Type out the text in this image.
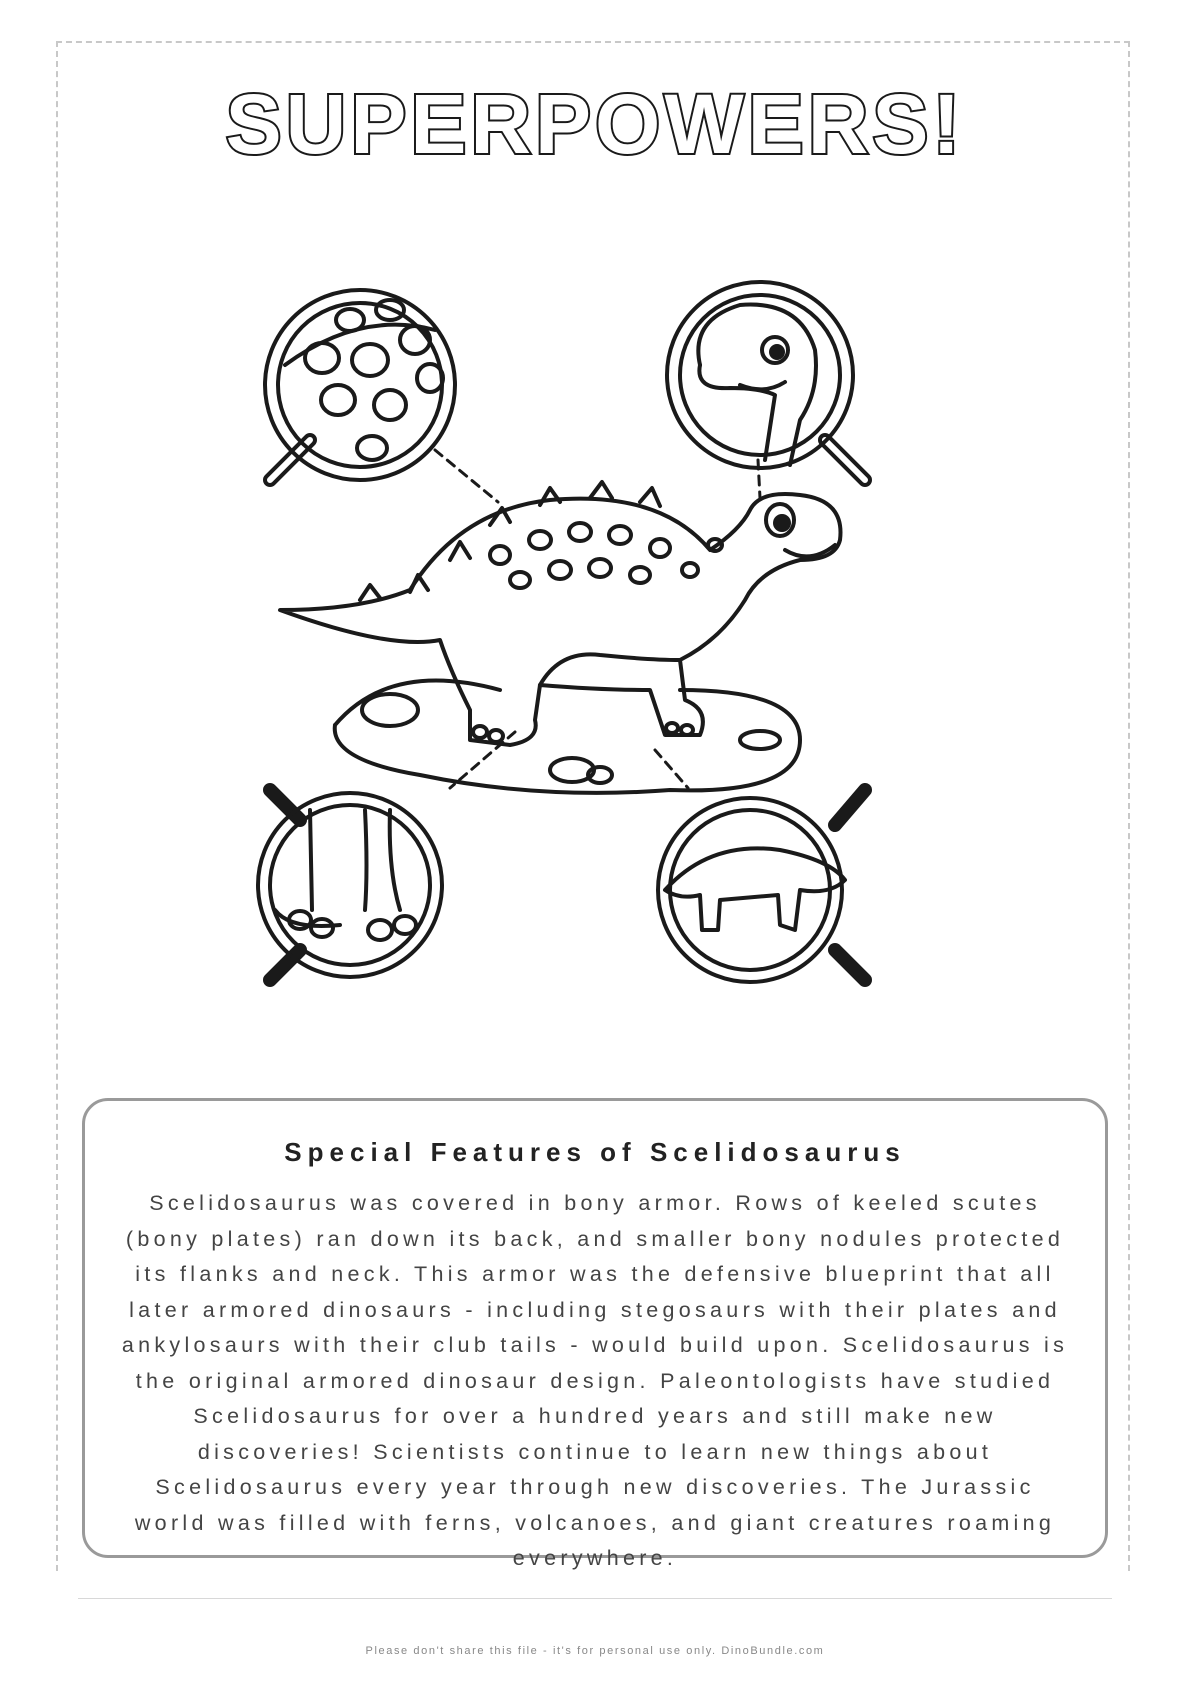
SUPERPOWERS!
Special Features of Scelidosaurus
Scelidosaurus was covered in bony armor. Rows of keeled scutes (bony plates) ran down its back, and smaller bony nodules protected its flanks and neck. This armor was the defensive blueprint that all later armored dinosaurs - including stegosaurs with their plates and ankylosaurs with their club tails - would build upon. Scelidosaurus is the original armored dinosaur design. Paleontologists have studied Scelidosaurus for over a hundred years and still make new discoveries! Scientists continue to learn new things about Scelidosaurus every year through new discoveries. The Jurassic world was filled with ferns, volcanoes, and giant creatures roaming everywhere.
Please don't share this file - it's for personal use only. DinoBundle.com
